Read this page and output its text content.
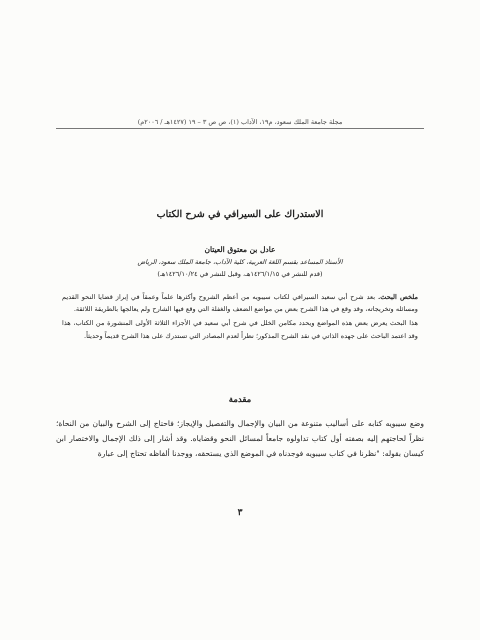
مجلة جامعة الملك سعود، م١٩، الآداب (١)، ص ص ٣ – ١٩ (١٤٢٧هـ / ٢٠٠٦م)
الاستدراك على السيرافي في شرح الكتاب
عادل بن معتوق العيتان
الأستاذ المساعد بقسم اللغة العربية، كلية الآداب، جامعة الملك سعود، الرياض
(قدم للنشر في ١٤٢٦/١/١٥هـ، وقبل للنشر في ١٤٢٦/١٠/٢٤هـ)

ملخص البحث. بعد شرح أبي سعيد السيرافي لكتاب سيبويه من أعظم الشروح وأكثرها علماً وعمقاً في إبراز قضايا النحو القديم ومسائله وتخريجاته، وقد وقع في هذا الشرح بعض من مواضع الضعف والغفلة التي وقع فيها الشارح ولم يعالجها بالطريقة اللائقة.

هذا البحث يعرض بعض هذه المواضع ويحدد مكامن الخلل في شرح أبي سعيد في الأجزاء الثلاثة الأولى المنشورة من الكتاب، هذا وقد اعتمد الباحث على جهده الذاتي في نقد الشرح المذكور؛ نظراً لعدم المصادر التي تستدرك على هذا الشرح قديماً وحديثاً.

مقدمة

وضع سيبويه كتابه على أساليب متنوعة من البيان والإجمال والتفصيل والإيجاز؛ فاحتاج إلى الشرح والبيان من النحاة؛ نظراً لحاجتهم إليه بصفته أول كتاب تداولوه جامعاً لمسائل النحو وقضاياه. وقد أشار إلى ذلك الإجمال والاختصار ابن كيسان بقوله: "نظرنا في كتاب سيبويه فوجدناه في الموضع الذي يستحقه، ووجدنا ألفاظه تحتاج إلى عبارة

٣
